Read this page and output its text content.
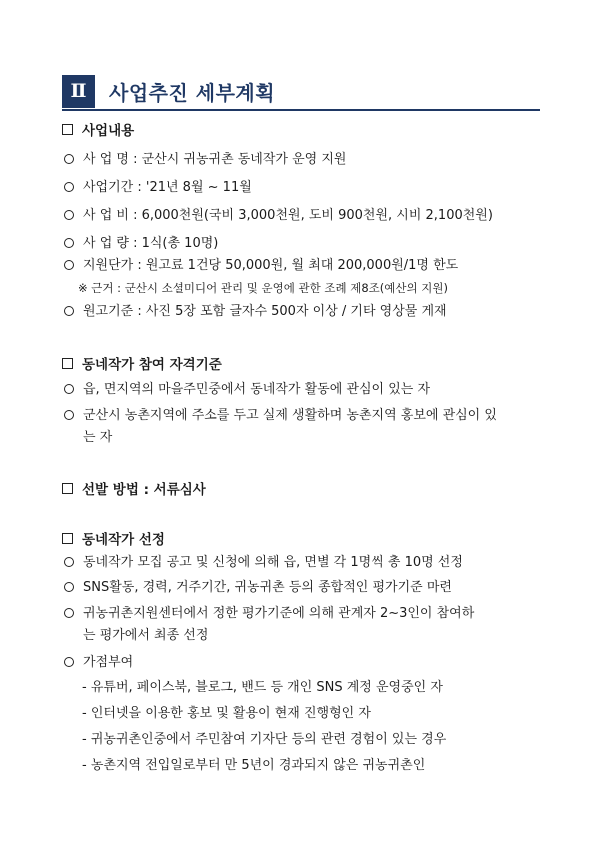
Ⅱ	사업추진 세부계획
사업내용
사 업 명 : 군산시 귀농귀촌 동네작가 운영 지원
사업기간 : '21년 8월 ~ 11월
사 업 비 : 6,000천원(국비 3,000천원, 도비 900천원, 시비 2,100천원)
사 업 량 : 1식(총 10명)
지원단가 : 원고료 1건당 50,000원, 월 최대 200,000원/1명 한도
※ 근거 : 군산시 소셜미디어 관리 및 운영에 관한 조례 제8조(예산의 지원)
원고기준 : 사진 5장 포함 글자수 500자 이상 / 기타 영상물 게재
동네작가 참여 자격기준
읍, 면지역의 마을주민중에서 동네작가 활동에 관심이 있는 자
군산시 농촌지역에 주소를 두고 실제 생활하며 농촌지역 홍보에 관심이 있
는 자
선발 방법 : 서류심사
동네작가 선정
동네작가 모집 공고 및 신청에 의해 읍, 면별 각 1명씩 총 10명 선정
SNS활동, 경력, 거주기간, 귀농귀촌 등의 종합적인 평가기준 마련
귀농귀촌지원센터에서 정한 평가기준에 의해 관계자 2~3인이 참여하
는 평가에서 최종 선정
가점부여
- 유튜버, 페이스북, 블로그, 밴드 등 개인 SNS 계정 운영중인 자
- 인터넷을 이용한 홍보 및 활용이 현재 진행형인 자
- 귀농귀촌인중에서 주민참여 기자단 등의 관련 경험이 있는 경우
- 농촌지역 전입일로부터 만 5년이 경과되지 않은 귀농귀촌인
